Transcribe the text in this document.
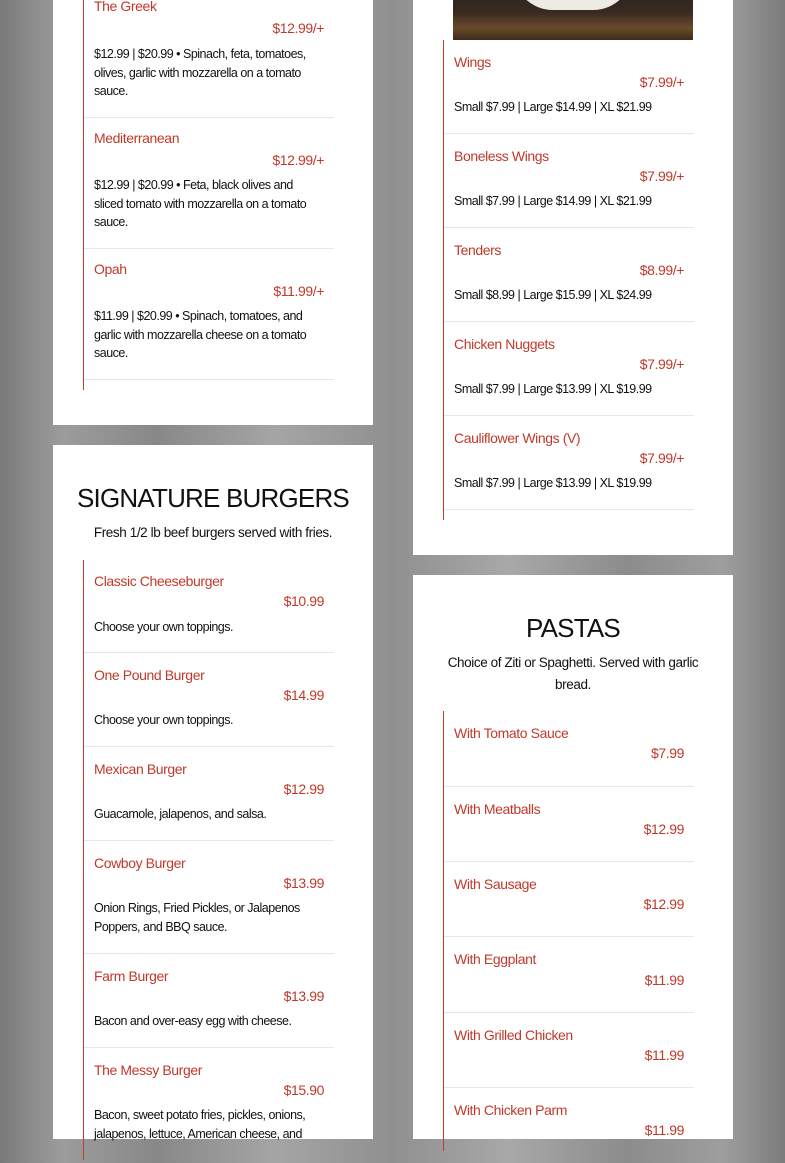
The Greek
$12.99/+
$12.99 | $20.99 • Spinach, feta, tomatoes, olives, garlic with mozzarella on a tomato sauce.
Mediterranean
$12.99/+
$12.99 | $20.99 • Feta, black olives and sliced tomato with mozzarella on a tomato sauce.
Opah
$11.99/+
$11.99 | $20.99 • Spinach, tomatoes, and garlic with mozzarella cheese on a tomato sauce.
Wings
$7.99/+
Small $7.99 | Large $14.99 | XL $21.99
Boneless Wings
$7.99/+
Small $7.99 | Large $14.99 | XL $21.99
Tenders
$8.99/+
Small $8.99 | Large $15.99 | XL $24.99
Chicken Nuggets
$7.99/+
Small $7.99 | Large $13.99 | XL $19.99
Cauliflower Wings (V)
$7.99/+
Small $7.99 | Large $13.99 | XL $19.99
SIGNATURE BURGERS
Fresh 1/2 lb beef burgers served with fries.
Classic Cheeseburger
$10.99
Choose your own toppings.
One Pound Burger
$14.99
Choose your own toppings.
Mexican Burger
$12.99
Guacamole, jalapenos, and salsa.
Cowboy Burger
$13.99
Onion Rings, Fried Pickles, or Jalapenos Poppers, and BBQ sauce.
Farm Burger
$13.99
Bacon and over-easy egg with cheese.
The Messy Burger
$15.90
Bacon, sweet potato fries, pickles, onions, jalapenos, lettuce, American cheese, and
PASTAS
Choice of Ziti or Spaghetti. Served with garlic bread.
With Tomato Sauce
$7.99
With Meatballs
$12.99
With Sausage
$12.99
With Eggplant
$11.99
With Grilled Chicken
$11.99
With Chicken Parm
$11.99
